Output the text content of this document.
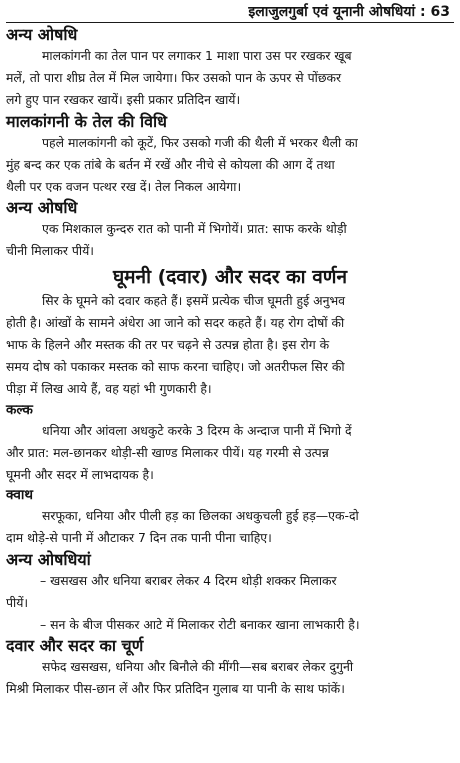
इलाजुलगुर्बा एवं यूनानी ओषधियां : 63
अन्य ओषधि

मालकांगनी का तेल पान पर लगाकर 1 माशा पारा उस पर रखकर खूब
मलें, तो पारा शीघ्र तेल में मिल जायेगा। फिर उसको पान के ऊपर से पोंछकर
लगे हुए पान रखकर खायें। इसी प्रकार प्रतिदिन खायें।

मालकांगनी के तेल की विधि

पहले मालकांगनी को कूटें, फिर उसको गजी की थैली में भरकर थैली का
मुंह बन्द कर एक तांबे के बर्तन में रखें और नीचे से कोयला की आग दें तथा
थैली पर एक वजन पत्थर रख दें। तेल निकल आयेगा।

अन्य ओषधि

एक मिशकाल कुन्दरु रात को पानी में भिगोयें। प्रात: साफ करके थोड़ी
चीनी मिलाकर पीयें।

घूमनी (दवार) और सदर का वर्णन

सिर के घूमने को दवार कहते हैं। इसमें प्रत्येक चीज घूमती हुई अनुभव
होती है। आंखों के सामने अंधेरा आ जाने को सदर कहते हैं। यह रोग दोषों की
भाफ के हिलने और मस्तक की तर पर चढ़ने से उत्पन्न होता है। इस रोग के
समय दोष को पकाकर मस्तक को साफ करना चाहिए। जो अतरीफल सिर की
पीड़ा में लिख आये हैं, वह यहां भी गुणकारी है।

कल्क

धनिया और आंवला अधकुटे करके 3 दिरम के अन्दाज पानी में भिगो दें
और प्रात: मल-छानकर थोड़ी-सी खाण्ड मिलाकर पीयें। यह गरमी से उत्पन्न
घूमनी और सदर में लाभदायक है।

क्वाथ

सरफूका, धनिया और पीली हड़ का छिलका अधकुचली हुई हड़—एक-दो
दाम थोड़े-से पानी में औटाकर 7 दिन तक पानी पीना चाहिए।

अन्य ओषधियां

– खसखस और धनिया बराबर लेकर 4 दिरम थोड़ी शक्कर मिलाकर
पीयें।
– सन के बीज पीसकर आटे में मिलाकर रोटी बनाकर खाना लाभकारी है।

दवार और सदर का चूर्ण

सफेद खसखस, धनिया और बिनौले की मींगी—सब बराबर लेकर दुगुनी
मिश्री मिलाकर पीस-छान लें और फिर प्रतिदिन गुलाब या पानी के साथ फांकें।
